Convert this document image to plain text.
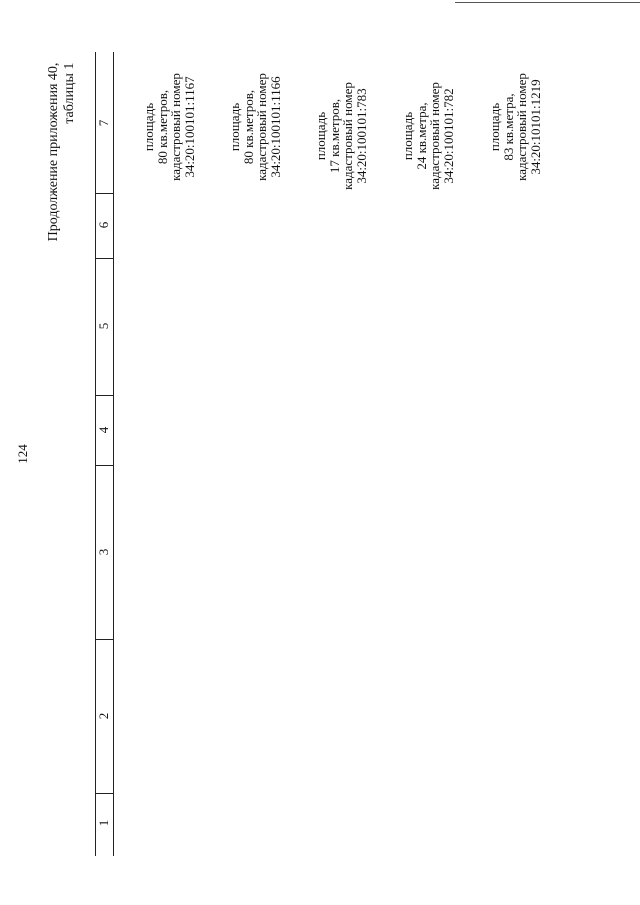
124
Продолжение приложения 40, таблицы 1
1
2
3
4
5
6
7 площадь
80 кв.метров,
кадастровый номер
34:20:100101:1167 площадь
80 кв.метров,
кадастровый номер
34:20:100101:1166 площадь
17 кв.метров,
кадастровый номер
34:20:100101:783 площадь
24 кв.метра,
кадастровый номер
34:20:100101:782 площадь
83 кв.метра,
кадастровый номер
34:20:10101:1219
